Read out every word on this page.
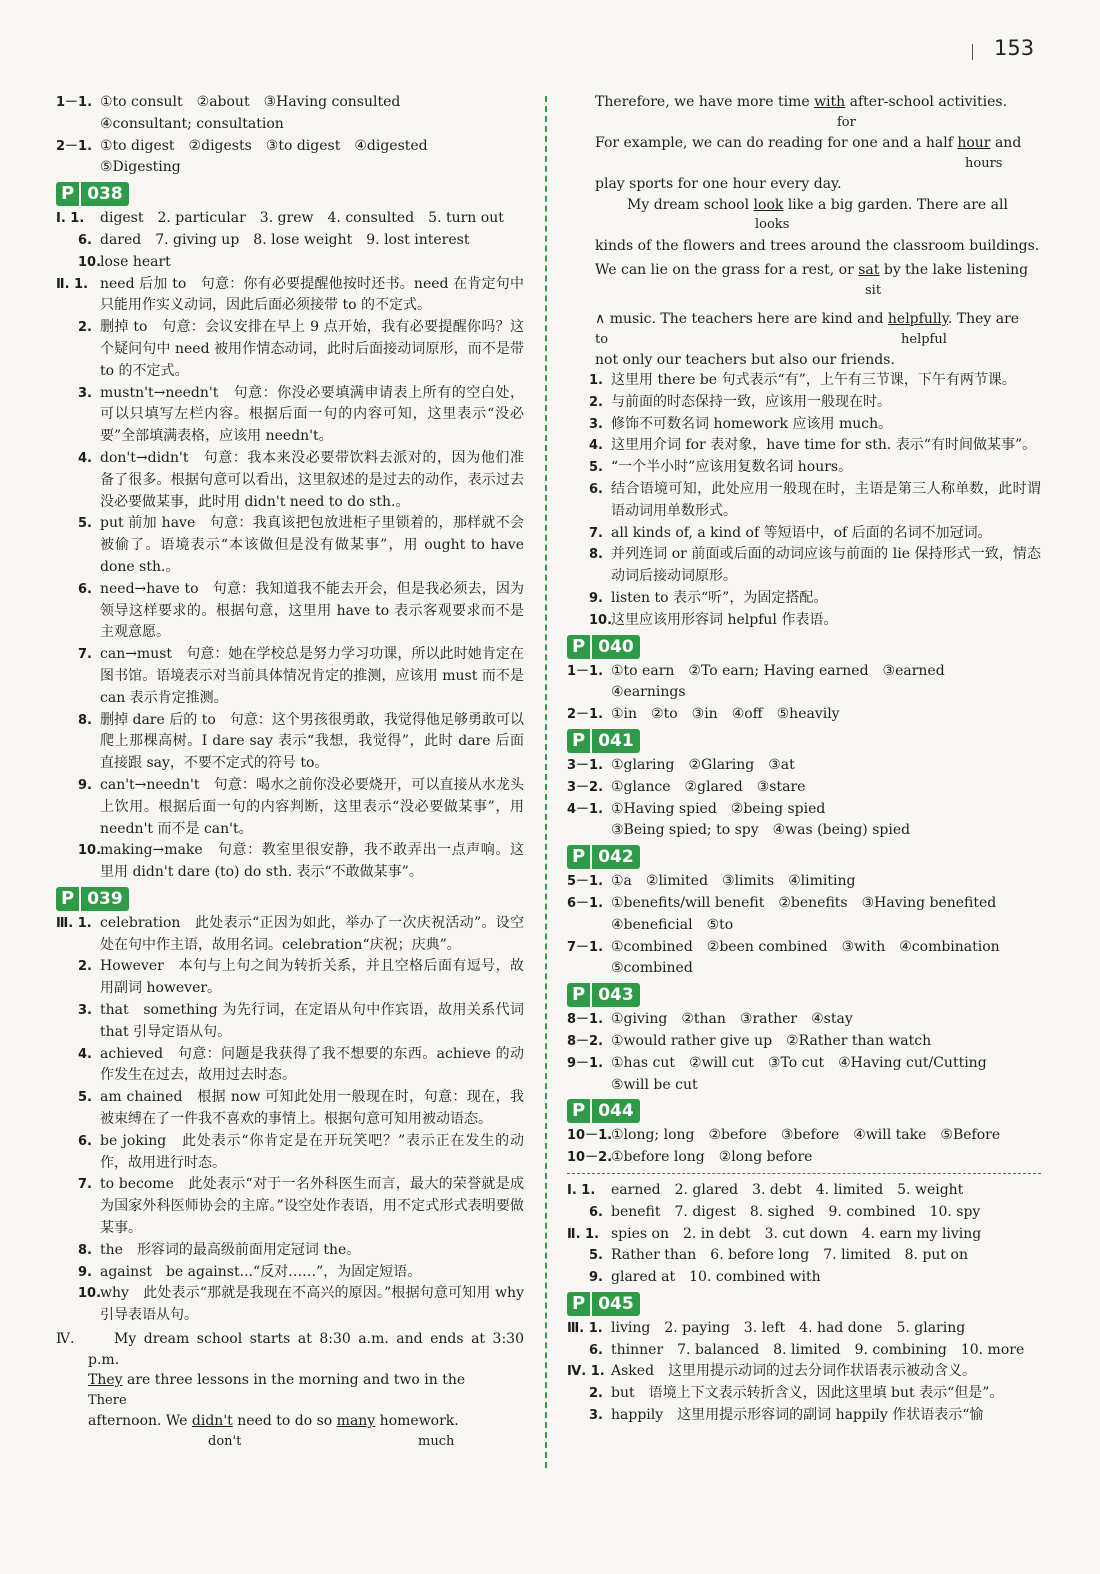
153
1－1. ①to consult　②about　③Having consulted
④consultant; consultation
2－1. ①to digest　②digests　③to digest　④digested
⑤Digesting
P 038
Ⅰ. 1. digest　2. particular　3. grew　4. consulted　5. turn out
6. dared　7. giving up　8. lose weight　9. lost interest
10.
lose heart
Ⅱ. 1. need 后加 to　句意：你有必要提醒他按时还书。need 在肯定句中只能用作实义动词，因此后面必须接带 to 的不定式。
2. 删掉 to　句意：会议安排在早上 9 点开始，我有必要提醒你吗？这个疑问句中 need 被用作情态动词，此时后面接动词原形，而不是带 to 的不定式。
3. mustn't→needn't　句意：你没必要填满申请表上所有的空白处，可以只填写左栏内容。根据后面一句的内容可知，这里表示“没必要”全部填满表格，应该用 needn't。
4. don't→didn't　句意：我本来没必要带饮料去派对的，因为他们准备了很多。根据句意可以看出，这里叙述的是过去的动作，表示过去没必要做某事，此时用 didn't need to do sth.。
5. put 前加 have　句意：我真该把包放进柜子里锁着的，那样就不会被偷了。语境表示“本该做但是没有做某事”，用 ought to have done sth.。
6. need→have to　句意：我知道我不能去开会，但是我必须去，因为领导这样要求的。根据句意，这里用 have to 表示客观要求而不是主观意愿。
7. can→must　句意：她在学校总是努力学习功课，所以此时她肯定在图书馆。语境表示对当前具体情况肯定的推测，应该用 must 而不是 can 表示肯定推测。
8. 删掉 dare 后的 to　句意：这个男孩很勇敢，我觉得他足够勇敢可以爬上那棵高树。I dare say 表示“我想，我觉得”，此时 dare 后面直接跟 say，不要不定式的符号 to。
9. can't→needn't　句意：喝水之前你没必要烧开，可以直接从水龙头上饮用。根据后面一句的内容判断，这里表示“没必要做某事”，用 needn't 而不是 can't。
10.
making→make　句意：教室里很安静，我不敢弄出一点声响。这里用 didn't dare (to) do sth. 表示“不敢做某事”。
P 039
Ⅲ. 1. celebration　此处表示“正因为如此，举办了一次庆祝活动”。设空处在句中作主语，故用名词。celebration“庆祝；庆典”。
2. However　本句与上句之间为转折关系，并且空格后面有逗号，故用副词 however。
3. that　something 为先行词，在定语从句中作宾语，故用关系代词 that 引导定语从句。
4. achieved　句意：问题是我获得了我不想要的东西。achieve 的动作发生在过去，故用过去时态。
5. am chained　根据 now 可知此处用一般现在时，句意：现在，我被束缚在了一件我不喜欢的事情上。根据句意可知用被动语态。
6. be joking　此处表示“你肯定是在开玩笑吧？”表示正在发生的动作，故用进行时态。
7. to become　此处表示“对于一名外科医生而言，最大的荣誉就是成为国家外科医师协会的主席。”设空处作表语，用不定式形式表明要做某事。
8. the　形容词的最高级前面用定冠词 the。
9. against　be against...“反对……”，为固定短语。
10.
why　此处表示“那就是我现在不高兴的原因。”根据句意可知用 why 引导表语从句。
Ⅳ.	My dream school starts at 8:30 a.m. and ends at 3:30 p.m.
They are three lessons in the morning and two in the
There
afternoon. We didn't need to do so many homework.
don't	much
Therefore, we have more time with after-school activities.
for
For example, we can do reading for one and a half hour and
hours
play sports for one hour every day.
My dream school look like a big garden. There are all
looks
kinds of the flowers and trees around the classroom buildings.
We can lie on the grass for a rest, or sat by the lake listening
sit
∧ music. The teachers here are kind and helpfully. They are
to	helpful
not only our teachers but also our friends.
1. 这里用 there be 句式表示“有”，上午有三节课，下午有两节课。
2. 与前面的时态保持一致，应该用一般现在时。
3. 修饰不可数名词 homework 应该用 much。
4. 这里用介词 for 表对象，have time for sth. 表示“有时间做某事”。
5. “一个半小时”应该用复数名词 hours。
6. 结合语境可知，此处应用一般现在时，主语是第三人称单数，此时谓语动词用单数形式。
7. all kinds of, a kind of 等短语中，of 后面的名词不加冠词。
8. 并列连词 or 前面或后面的动词应该与前面的 lie 保持形式一致，情态动词后接动词原形。
9. listen to 表示“听”，为固定搭配。
10.
这里应该用形容词 helpful 作表语。
P 040
1－1. ①to earn　②To earn; Having earned　③earned
④earnings
2－1. ①in　②to　③in　④off　⑤heavily
P 041
3－1. ①glaring　②Glaring　③at
3－2. ①glance　②glared　③stare
4－1. ①Having spied　②being spied
③Being spied; to spy　④was (being) spied
P 042
5－1. ①a　②limited　③limits　④limiting
6－1. ①benefits/will benefit　②benefits　③Having benefited
④beneficial　⑤to
7－1. ①combined　②been combined　③with　④combination
⑤combined
P 043
8－1. ①giving　②than　③rather　④stay
8－2. ①would rather give up　②Rather than watch
9－1. ①has cut　②will cut　③To cut　④Having cut/Cutting
⑤will be cut
P 044
10－1.
①long; long　②before　③before　④will take　⑤Before
10－2.
①before long　②long before
Ⅰ. 1. earned　2. glared　3. debt　4. limited　5. weight
6. benefit　7. digest　8. sighed　9. combined　10. spy
Ⅱ. 1. spies on　2. in debt　3. cut down　4. earn my living
5. Rather than　6. before long　7. limited　8. put on
9. glared at　10. combined with
P 045
Ⅲ. 1. living　2. paying　3. left　4. had done　5. glaring
6. thinner　7. balanced　8. limited　9. combining　10. more
Ⅳ. 1. Asked　这里用提示动词的过去分词作状语表示被动含义。
2. but　语境上下文表示转折含义，因此这里填 but 表示“但是”。
3. happily　这里用提示形容词的副词 happily 作状语表示“愉
